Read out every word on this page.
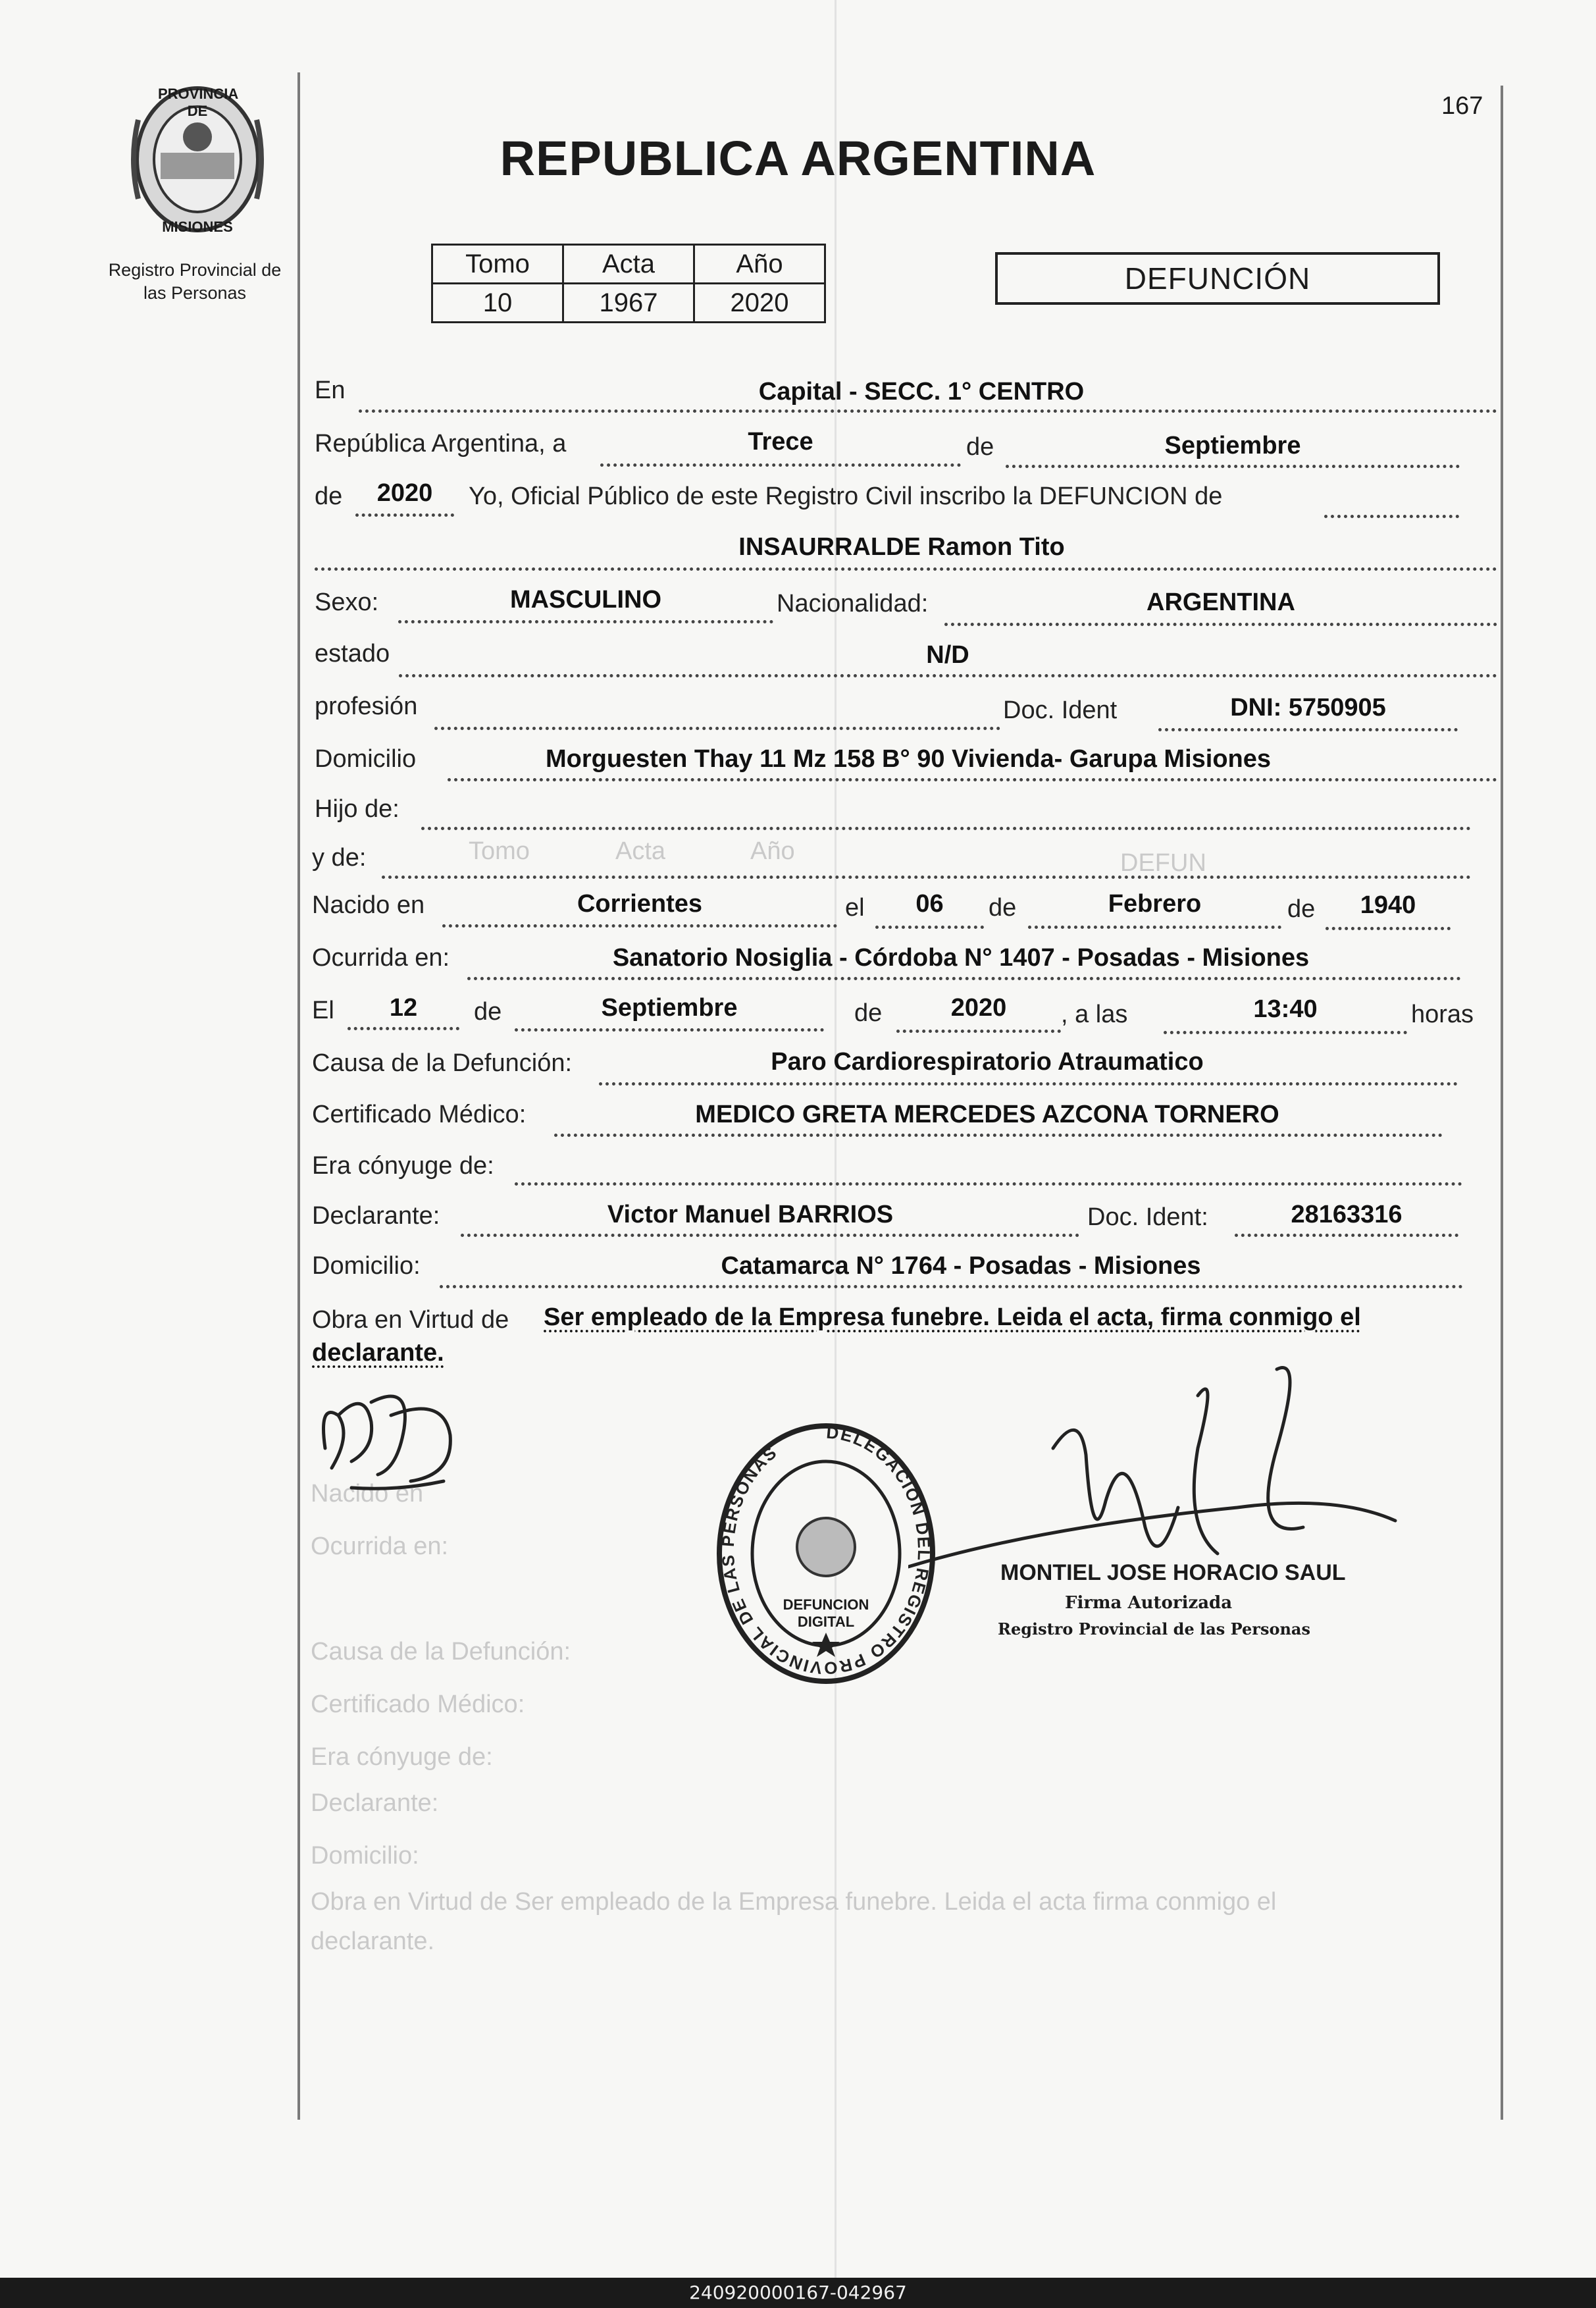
PROVINCIA DE
MISIONES
Registro Provincial de
las Personas
167
REPUBLICA ARGENTINA
Tomo	Acta	Año
10	1967	2020
DEFUNCIÓN
Tomo	Acta	Año	DEFUN
Nacido en
Ocurrida en:
Causa de la Defunción:
Certificado Médico:
Era cónyuge de:
Declarante:
Domicilio:
Obra en Virtud de Ser empleado de la Empresa funebre. Leida el acta firma conmigo el
declarante.
En	Capital - SECC. 1° CENTRO
República Argentina, a	Trece	de	Septiembre
de	2020	Yo, Oficial Público de este Registro Civil inscribo la DEFUNCION de
INSAURRALDE Ramon Tito
Sexo:	MASCULINO	Nacionalidad:	ARGENTINA
estado	N/D
profesión	Doc. Ident	DNI: 5750905
Domicilio	Morguesten Thay 11 Mz 158 B° 90 Vivienda- Garupa Misiones
Hijo de:
y de:
Nacido en	Corrientes	el	06	de	Febrero	de	1940
Ocurrida en:	Sanatorio Nosiglia - Córdoba N° 1407 - Posadas - Misiones
El	12	de	Septiembre	de	2020	, a las	13:40	horas
Causa de la Defunción:	Paro Cardiorespiratorio Atraumatico
Certificado Médico:	MEDICO GRETA MERCEDES AZCONA TORNERO
Era cónyuge de:
Declarante:	Victor Manuel BARRIOS	Doc. Ident:	28163316
Domicilio:	Catamarca N° 1764 - Posadas - Misiones
Obra en Virtud de Ser empleado de la Empresa funebre. Leida el acta, firma conmigo el
declarante.
DELEGACION DEL REGISTRO PROVINCIAL DE LAS PERSONAS
DEFUNCION DIGITAL
MONTIEL JOSE HORACIO SAUL
Firma Autorizada
Registro Provincial de las Personas
240920000167-042967
